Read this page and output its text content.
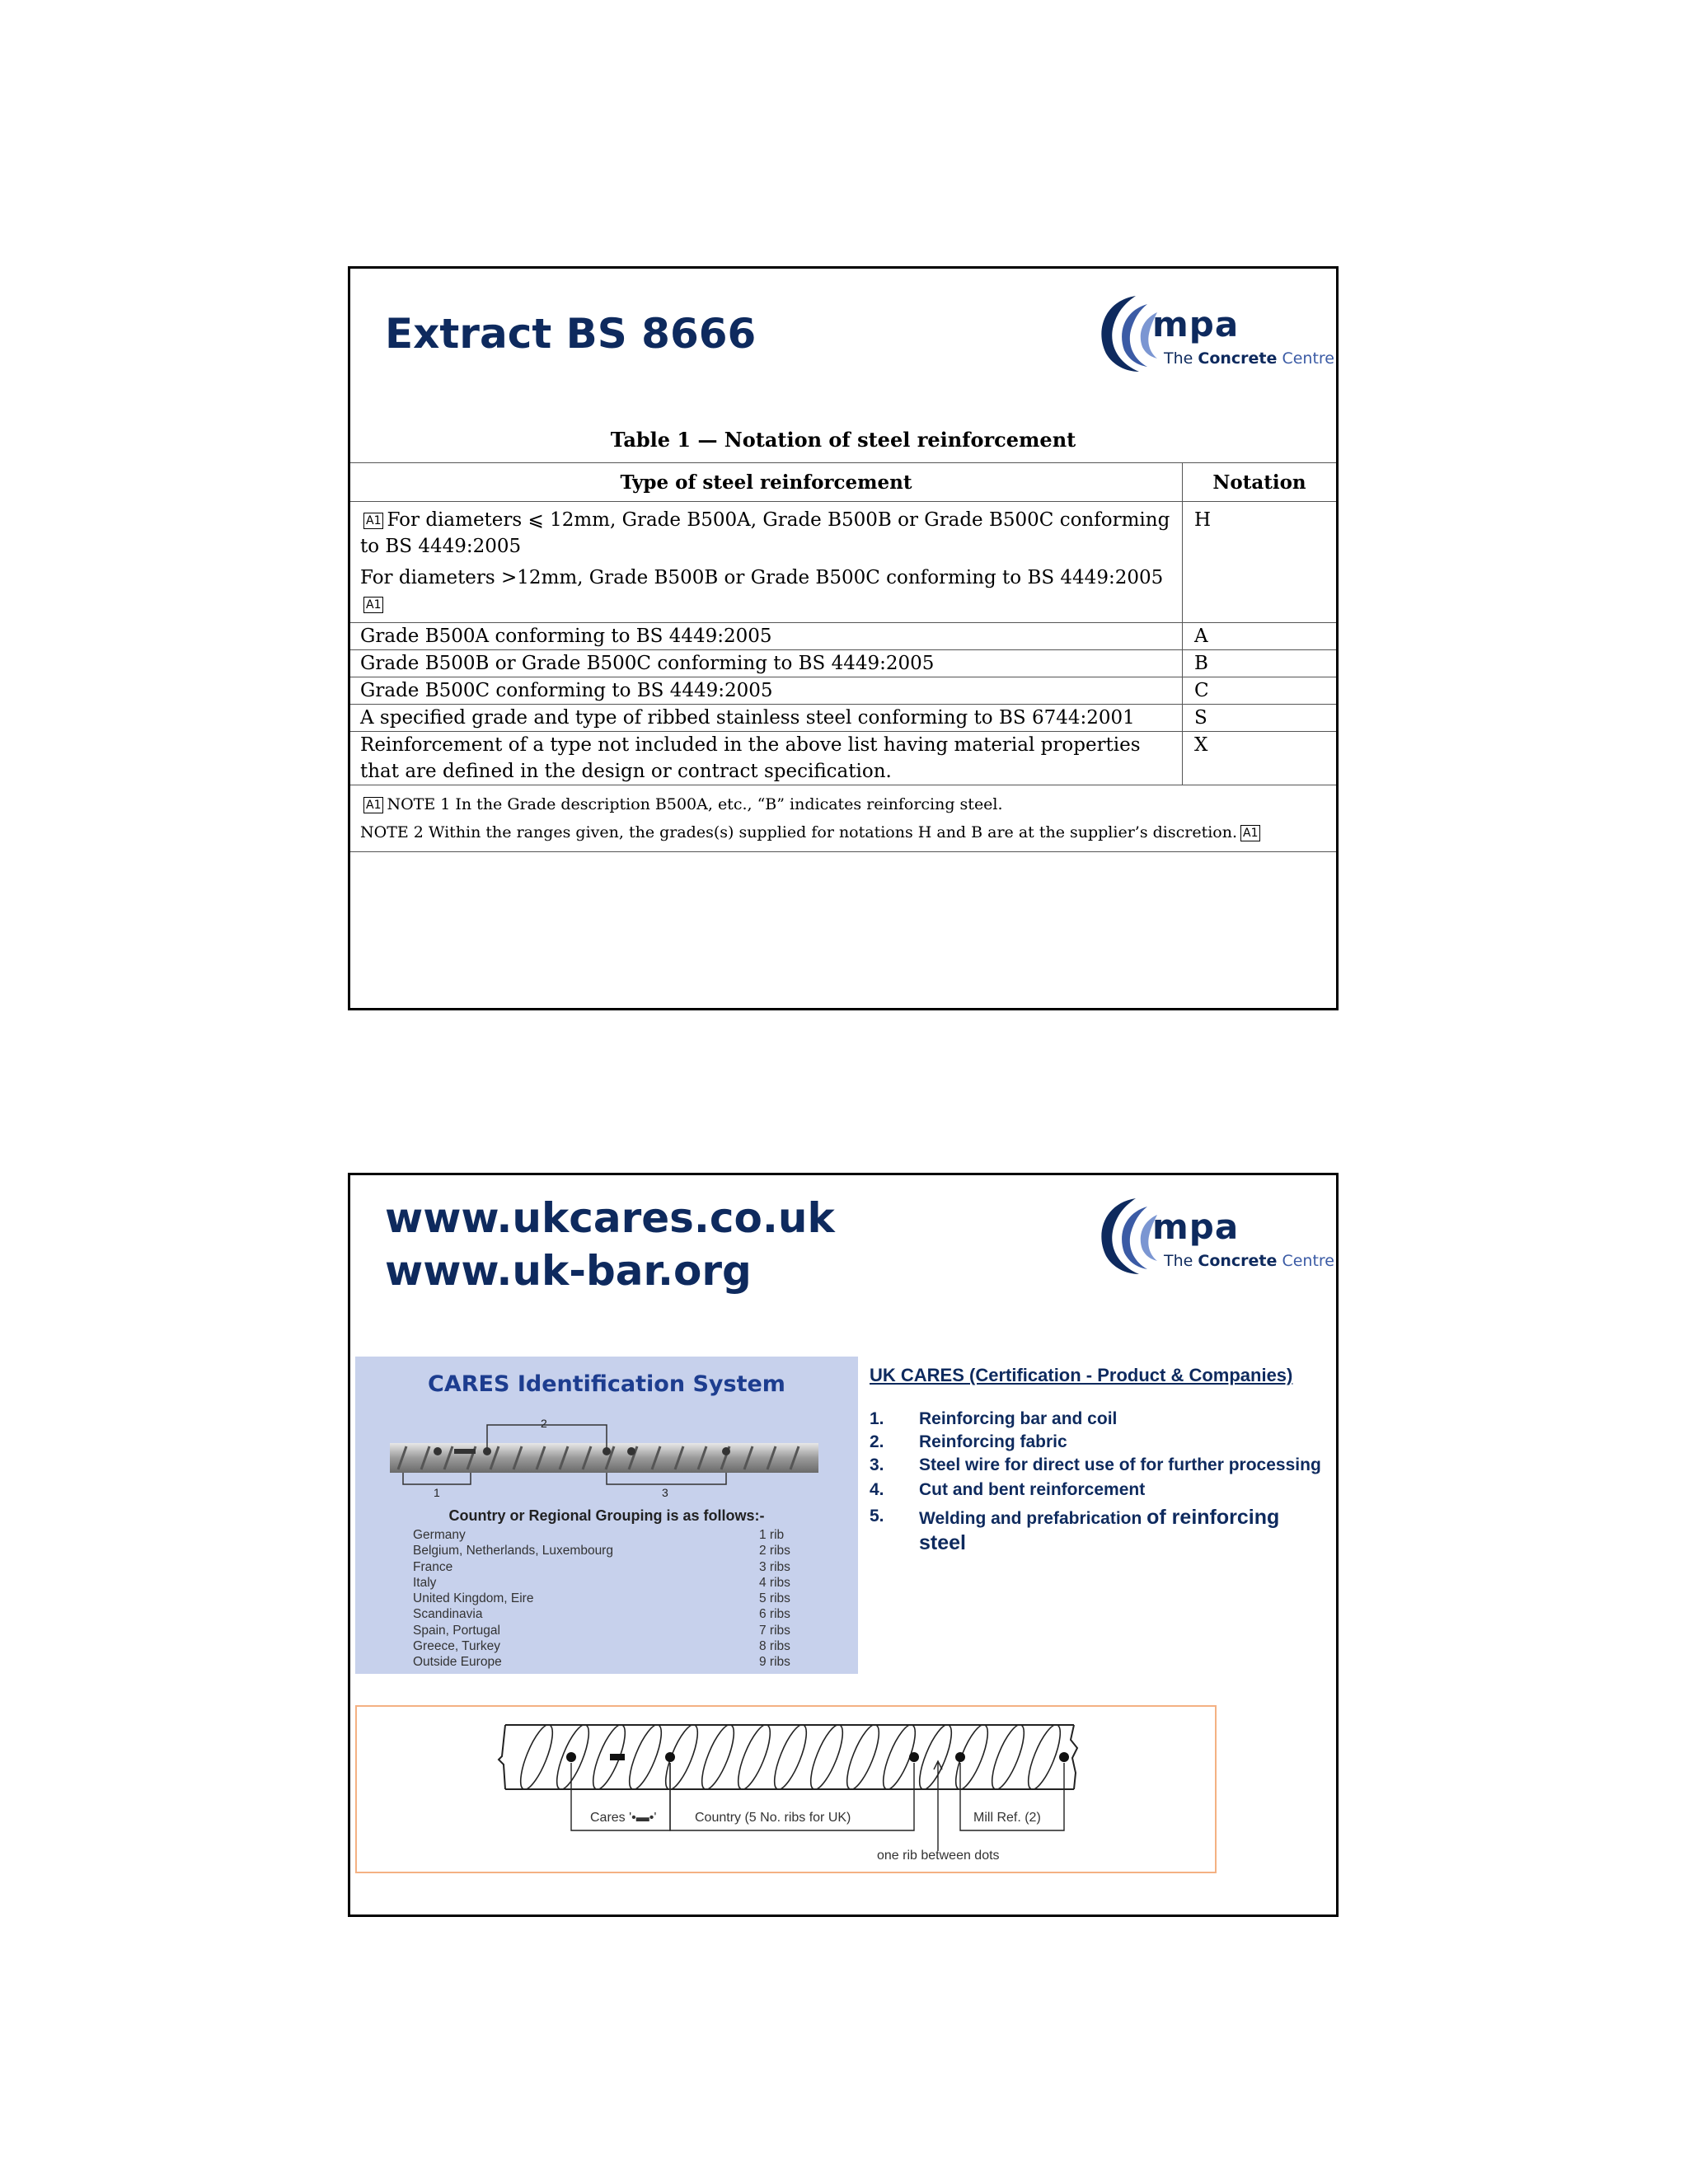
Extract BS 8666	mpa
The Concrete Centre
Table 1 — Notation of steel reinforcement
Type of steel reinforcement	Notation

A1 For diameters ⩽ 12mm, Grade B500A, Grade B500B or Grade B500C conforming to BS 4449:2005
For diameters >12mm, Grade B500B or Grade B500C conforming to BS 4449:2005A1	H
Grade B500A conforming to BS 4449:2005	A
Grade B500B or Grade B500C conforming to BS 4449:2005	B
Grade B500C conforming to BS 4449:2005	C
A specified grade and type of ribbed stainless steel conforming to BS 6744:2001	S
Reinforcement of a type not included in the above list having material properties that are defined in the design or contract specification.	X

A1 NOTE 1 In the Grade description B500A, etc., “B” indicates reinforcing steel.
NOTE 2 Within the ranges given, the grades(s) supplied for notations H and B are at the supplier’s discretion. A1	
www.ukcares.co.uk
www.uk-bar.org
mpa
The Concrete Centre
CARES Identification System
2
1	3
Country or Regional Grouping is as follows:-
Germany	1 rib
Belgium, Netherlands, Luxembourg	2 ribs
France	3 ribs
Italy	4 ribs
United Kingdom, Eire	5 ribs
Scandinavia	6 ribs
Spain, Portugal	7 ribs
Greece, Turkey	8 ribs
Outside Europe	9 ribs
UK CARES (Certification - Product & Companies)
1. Reinforcing bar and coil
2. Reinforcing fabric
3. Steel wire for direct use of for further processing
4. Cut and bent reinforcement
5. Welding and prefabrication of reinforcing steel
Cares '•▬•'	Country (5 No. ribs for UK)	Mill Ref. (2)
one rib between dots
